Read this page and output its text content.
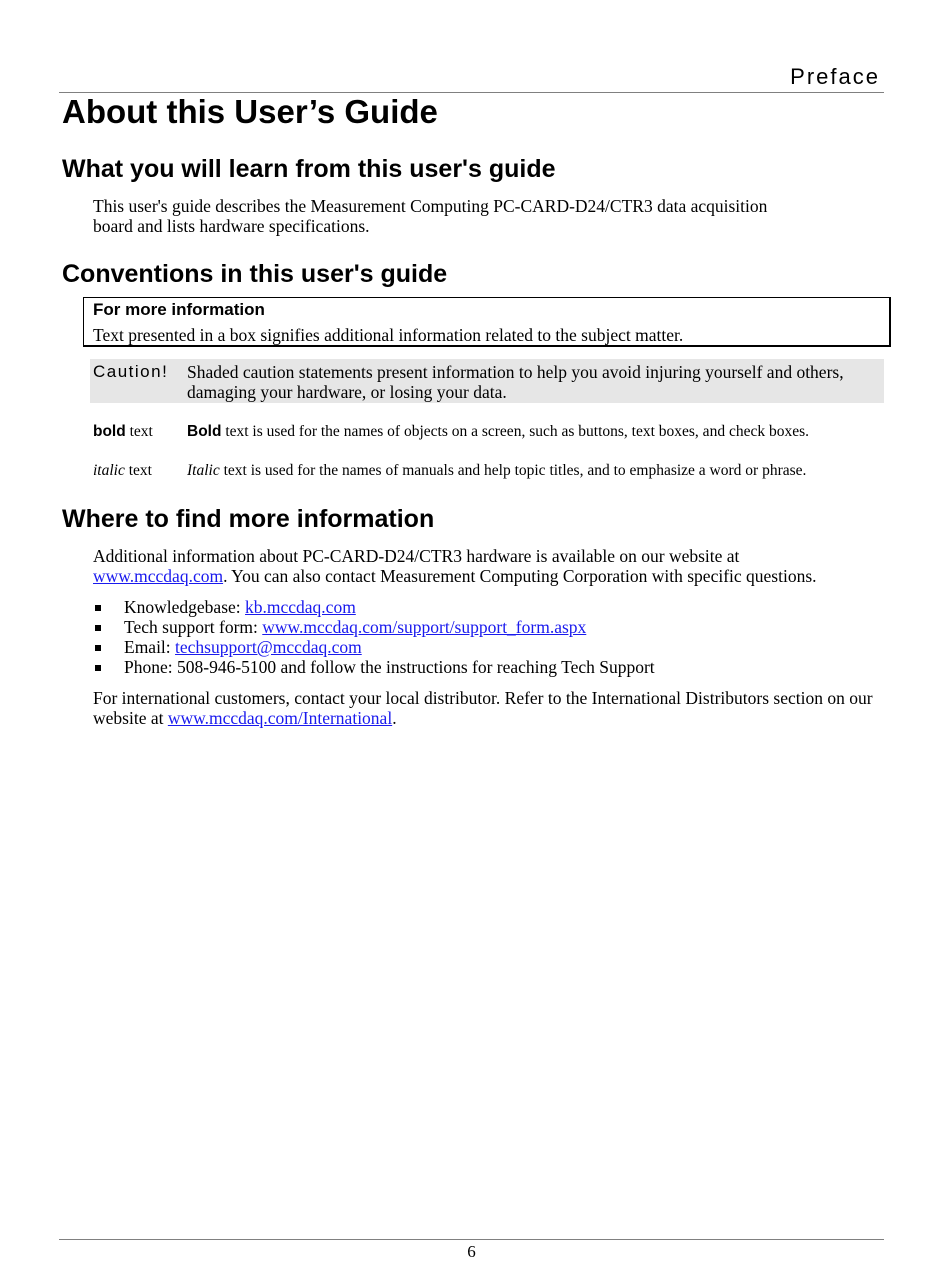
Preface
About this User’s Guide
What you will learn from this user's guide

This user's guide describes the Measurement Computing PC-CARD-D24/CTR3 data acquisition
board and lists hardware specifications.

Conventions in this user's guide
For more information
Text presented in a box signifies additional information related to the subject matter.
Caution! Shaded caution statements present information to help you avoid injuring yourself and others,
damaging your hardware, or losing your data.
bold text Bold text is used for the names of objects on a screen, such as buttons, text boxes, and check boxes.
italic text Italic text is used for the names of manuals and help topic titles, and to emphasize a word or phrase.
Where to find more information

Additional information about PC-CARD-D24/CTR3 hardware is available on our website at
www.mccdaq.com. You can also contact Measurement Computing Corporation with specific questions.

Knowledgebase: kb.mccdaq.com
Tech support form: www.mccdaq.com/support/support_form.aspx
Email: techsupport@mccdaq.com
Phone: 508-946-5100 and follow the instructions for reaching Tech Support

For international customers, contact your local distributor. Refer to the International Distributors section on our
website at www.mccdaq.com/International.

6
